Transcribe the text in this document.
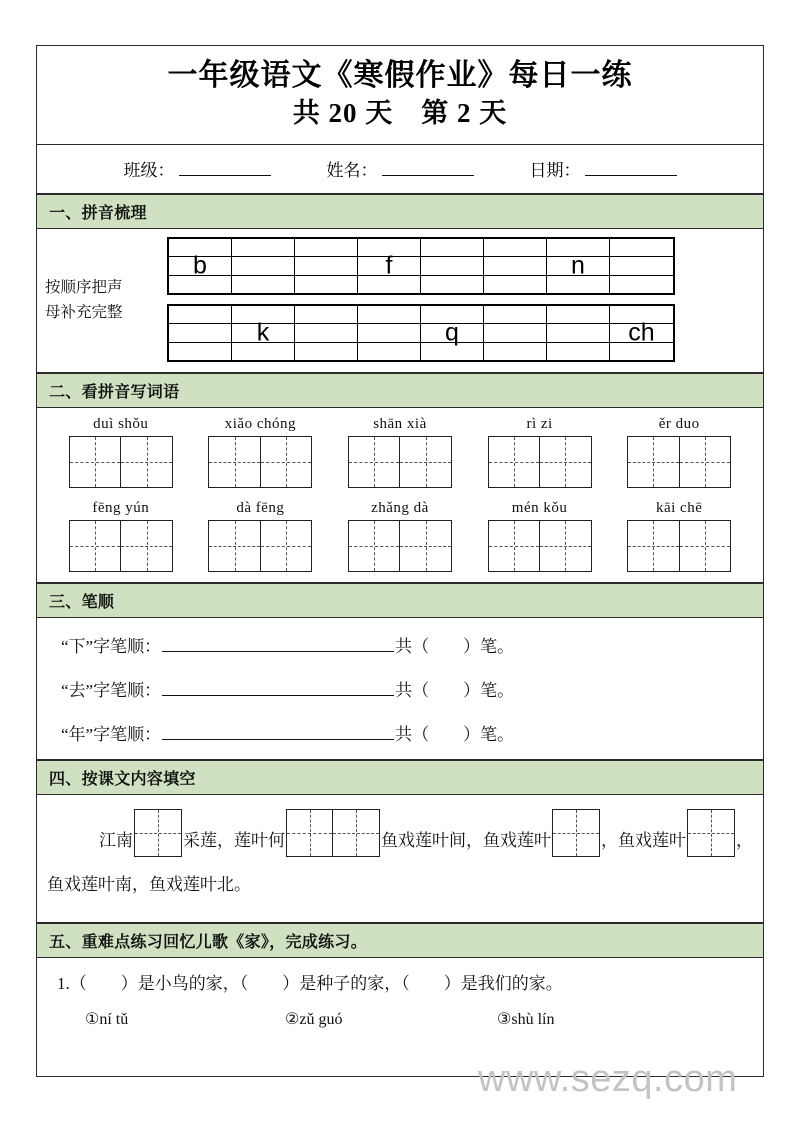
一年级语文《寒假作业》每日一练
共 20 天　第 2 天
班级：	姓名：	日期：
一、拼音梳理
按顺序把声
母补充完整
b	f	n
k	q	ch
二、看拼音写词语
duì shǒu	xiǎo chóng	shān xià	rì zi	ěr duo
fēng yún	dà fēng	zhǎng dà	mén kǒu	kāi chē
三、笔顺
“下”字笔顺：	共（　　）笔。
“去”字笔顺：	共（　　）笔。
“年”字笔顺：	共（　　）笔。
四、按课文内容填空
江南	采莲，莲叶何	鱼戏莲叶间，鱼戏莲叶	，鱼戏莲叶	，鱼戏莲叶南，鱼戏莲叶北。
五、重难点练习回忆儿歌《家》，完成练习。
1.（　　）是小鸟的家，（　　）是种子的家，（　　）是我们的家。
①ní tǔ	②zǔ guó	③shù lín
www.sezq.com
